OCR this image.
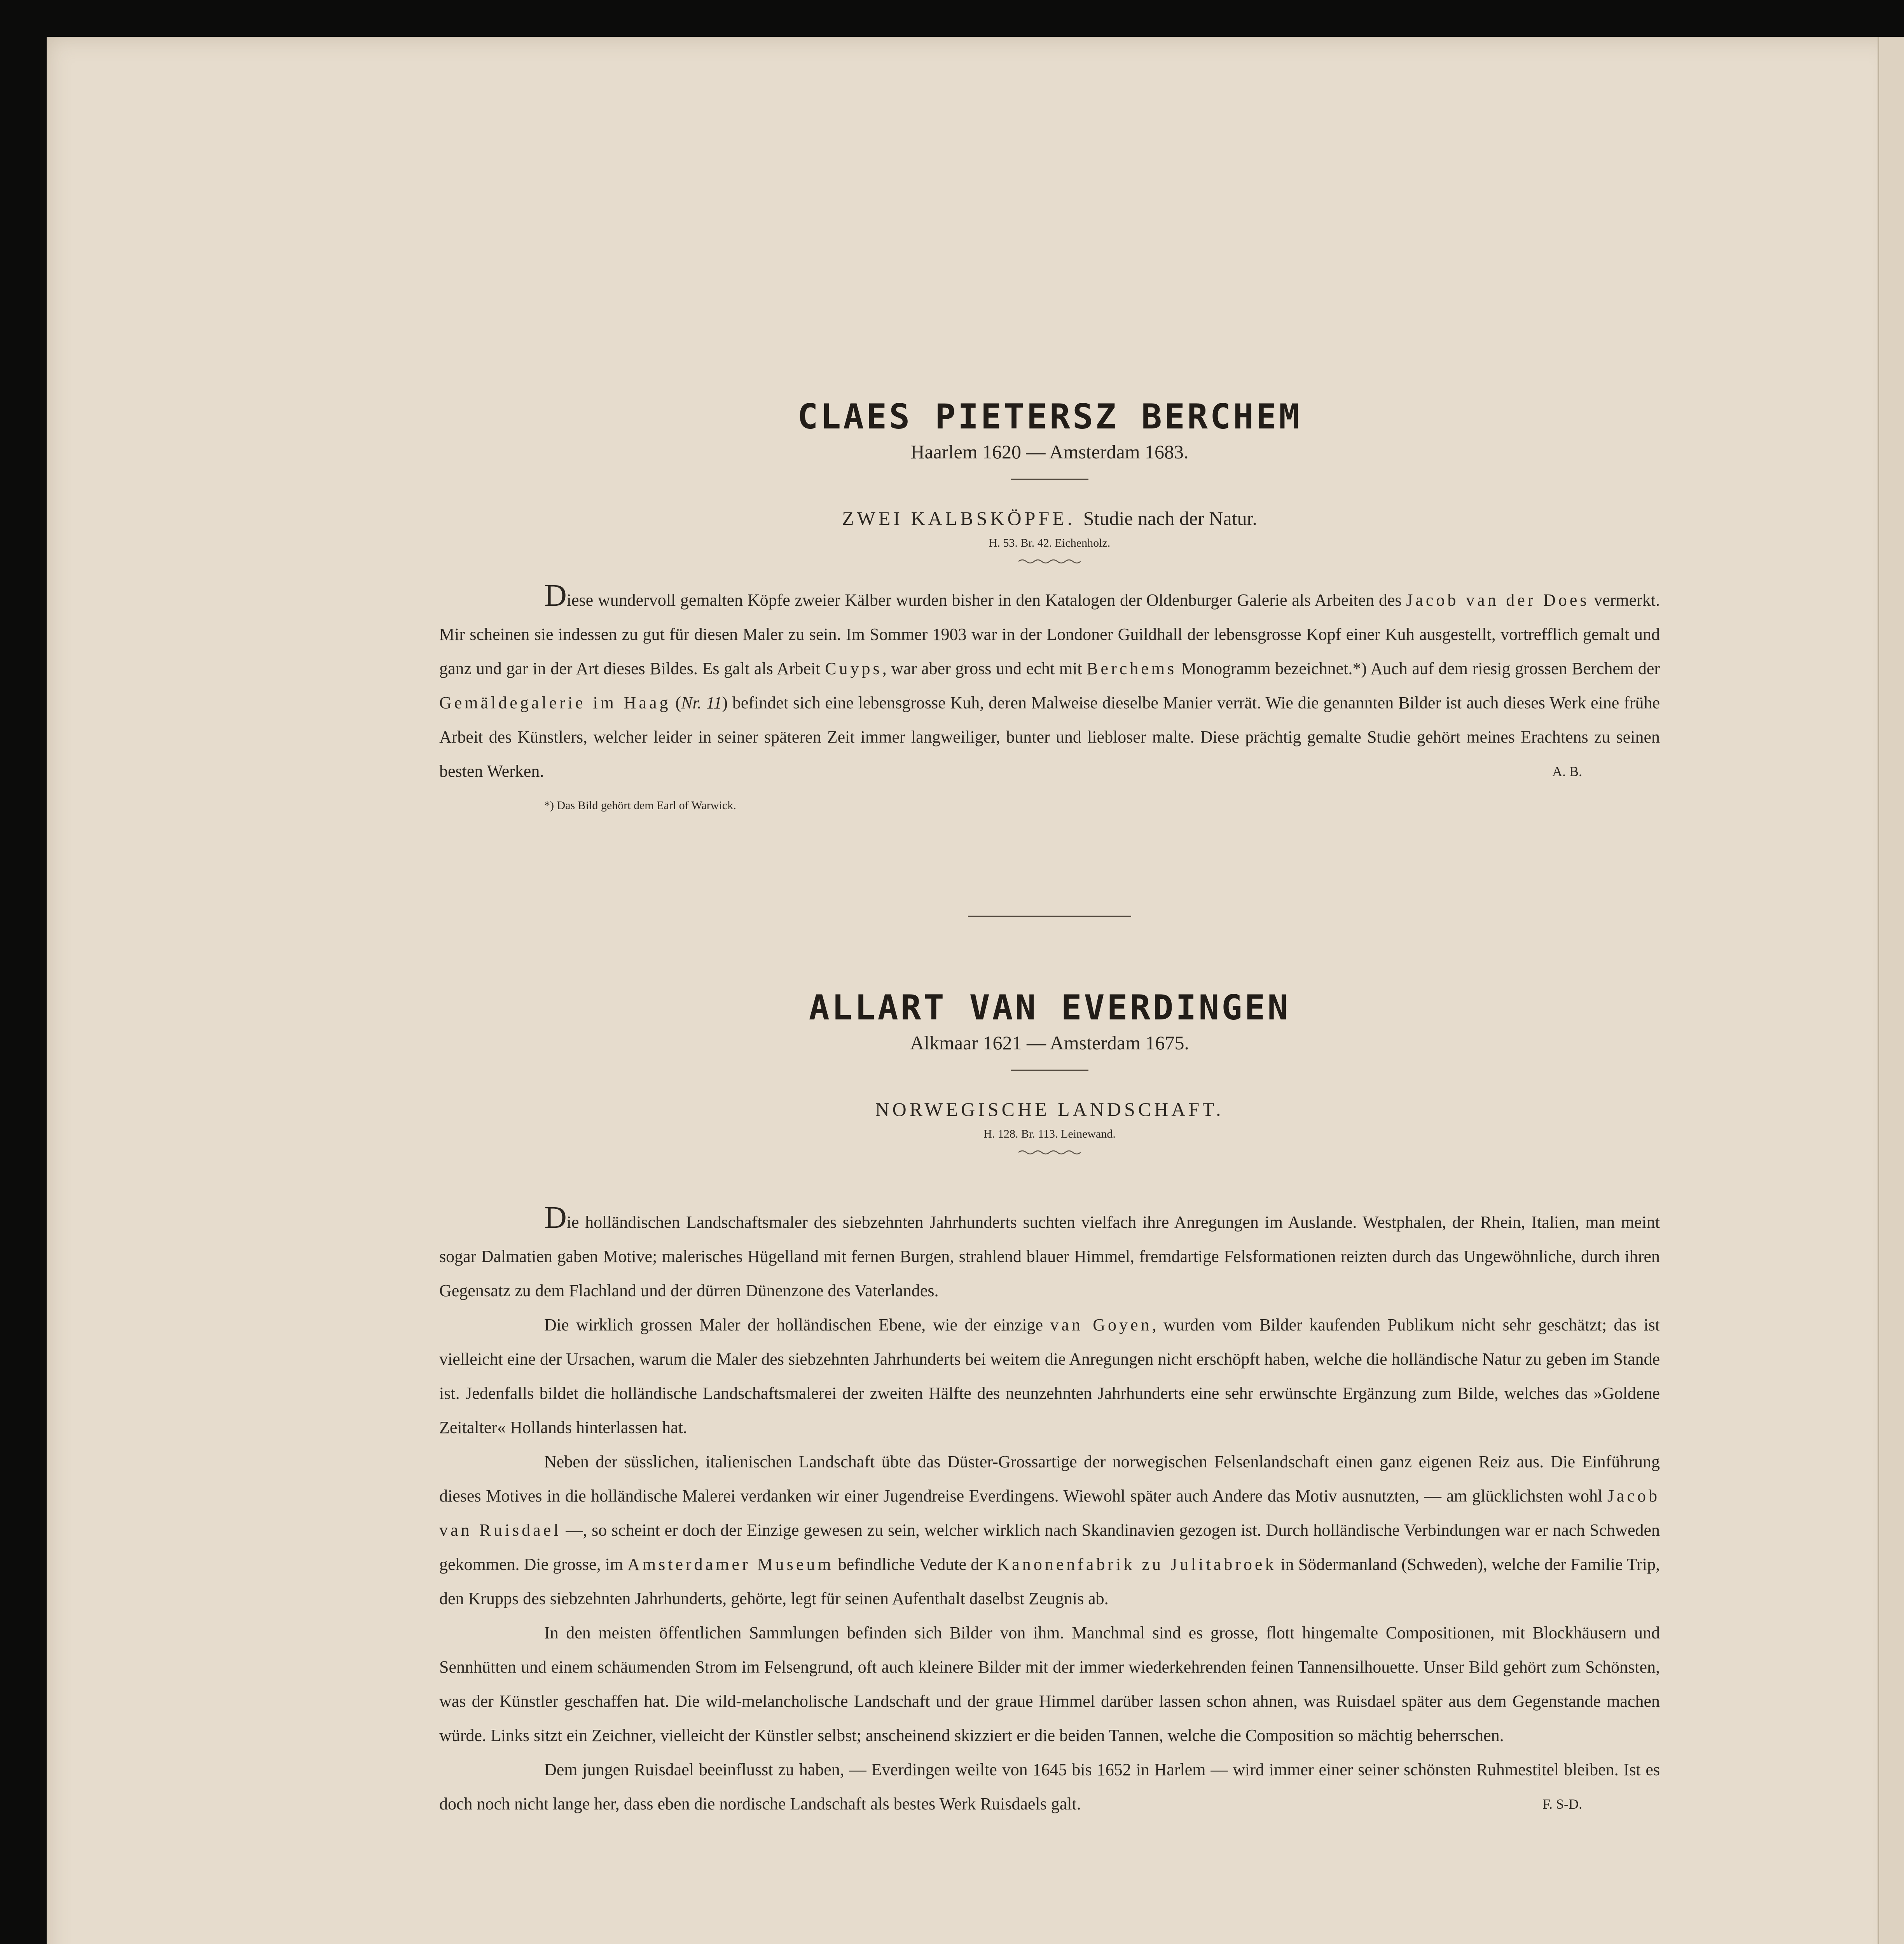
CLAES PIETERSZ BERCHEM
Haarlem 1620 — Amsterdam 1683.
ZWEI KALBSKÖPFE. Studie nach der Natur.
H. 53. Br. 42. Eichenholz.

Diese wundervoll gemalten Köpfe zweier Kälber wurden bisher in den Katalogen der Oldenburger Galerie als Arbeiten des Jacob van der Does vermerkt. Mir scheinen sie indessen zu gut für diesen Maler zu sein. Im Sommer 1903 war in der Londoner Guildhall der lebensgrosse Kopf einer Kuh ausgestellt, vortrefflich gemalt und ganz und gar in der Art dieses Bildes. Es galt als Arbeit Cuyps, war aber gross und echt mit Berchems Monogramm bezeichnet.*) Auch auf dem riesig grossen Berchem der Gemäldegalerie im Haag (Nr. 11) befindet sich eine lebensgrosse Kuh, deren Malweise dieselbe Manier verrät. Wie die genannten Bilder ist auch dieses Werk eine frühe Arbeit des Künstlers, welcher leider in seiner späteren Zeit immer langweiliger, bunter und liebloser malte. Diese prächtig gemalte Studie gehört meines Erachtens zu seinen besten Werken.	A. B.

*) Das Bild gehört dem Earl of Warwick.
ALLART VAN EVERDINGEN
Alkmaar 1621 — Amsterdam 1675.
NORWEGISCHE LANDSCHAFT.
H. 128. Br. 113. Leinewand.

Die holländischen Landschaftsmaler des siebzehnten Jahrhunderts suchten vielfach ihre Anregungen im Auslande. Westphalen, der Rhein, Italien, man meint sogar Dalmatien gaben Motive; malerisches Hügelland mit fernen Burgen, strahlend blauer Himmel, fremdartige Felsformationen reizten durch das Ungewöhnliche, durch ihren Gegensatz zu dem Flachland und der dürren Dünenzone des Vaterlandes.

Die wirklich grossen Maler der holländischen Ebene, wie der einzige van Goyen, wurden vom Bilder kaufenden Publikum nicht sehr geschätzt; das ist vielleicht eine der Ursachen, warum die Maler des siebzehnten Jahrhunderts bei weitem die Anregungen nicht erschöpft haben, welche die holländische Natur zu geben im Stande ist. Jedenfalls bildet die holländische Landschaftsmalerei der zweiten Hälfte des neunzehnten Jahrhunderts eine sehr erwünschte Ergänzung zum Bilde, welches das »Goldene Zeitalter« Hollands hinterlassen hat.

Neben der süsslichen, italienischen Landschaft übte das Düster-Grossartige der norwegischen Felsenlandschaft einen ganz eigenen Reiz aus. Die Einführung dieses Motives in die holländische Malerei verdanken wir einer Jugendreise Everdingens. Wiewohl später auch Andere das Motiv ausnutzten, — am glücklichsten wohl Jacob van Ruisdael —, so scheint er doch der Einzige gewesen zu sein, welcher wirklich nach Skandinavien gezogen ist. Durch holländische Verbindungen war er nach Schweden gekommen. Die grosse, im Amsterdamer Museum befindliche Vedute der Kanonenfabrik zu Julitabroek in Södermanland (Schweden), welche der Familie Trip, den Krupps des siebzehnten Jahrhunderts, gehörte, legt für seinen Aufenthalt daselbst Zeugnis ab.

In den meisten öffentlichen Sammlungen befinden sich Bilder von ihm. Manchmal sind es grosse, flott hingemalte Compositionen, mit Blockhäusern und Sennhütten und einem schäumenden Strom im Felsengrund, oft auch kleinere Bilder mit der immer wiederkehrenden feinen Tannensilhouette. Unser Bild gehört zum Schönsten, was der Künstler geschaffen hat. Die wild-melancholische Landschaft und der graue Himmel darüber lassen schon ahnen, was Ruisdael später aus dem Gegenstande machen würde. Links sitzt ein Zeichner, vielleicht der Künstler selbst; anscheinend skizziert er die beiden Tannen, welche die Composition so mächtig beherrschen.

Dem jungen Ruisdael beeinflusst zu haben, — Everdingen weilte von 1645 bis 1652 in Harlem — wird immer einer seiner schönsten Ruhmestitel bleiben. Ist es doch noch nicht lange her, dass eben die nordische Landschaft als bestes Werk Ruisdaels galt.	F. S-D.
